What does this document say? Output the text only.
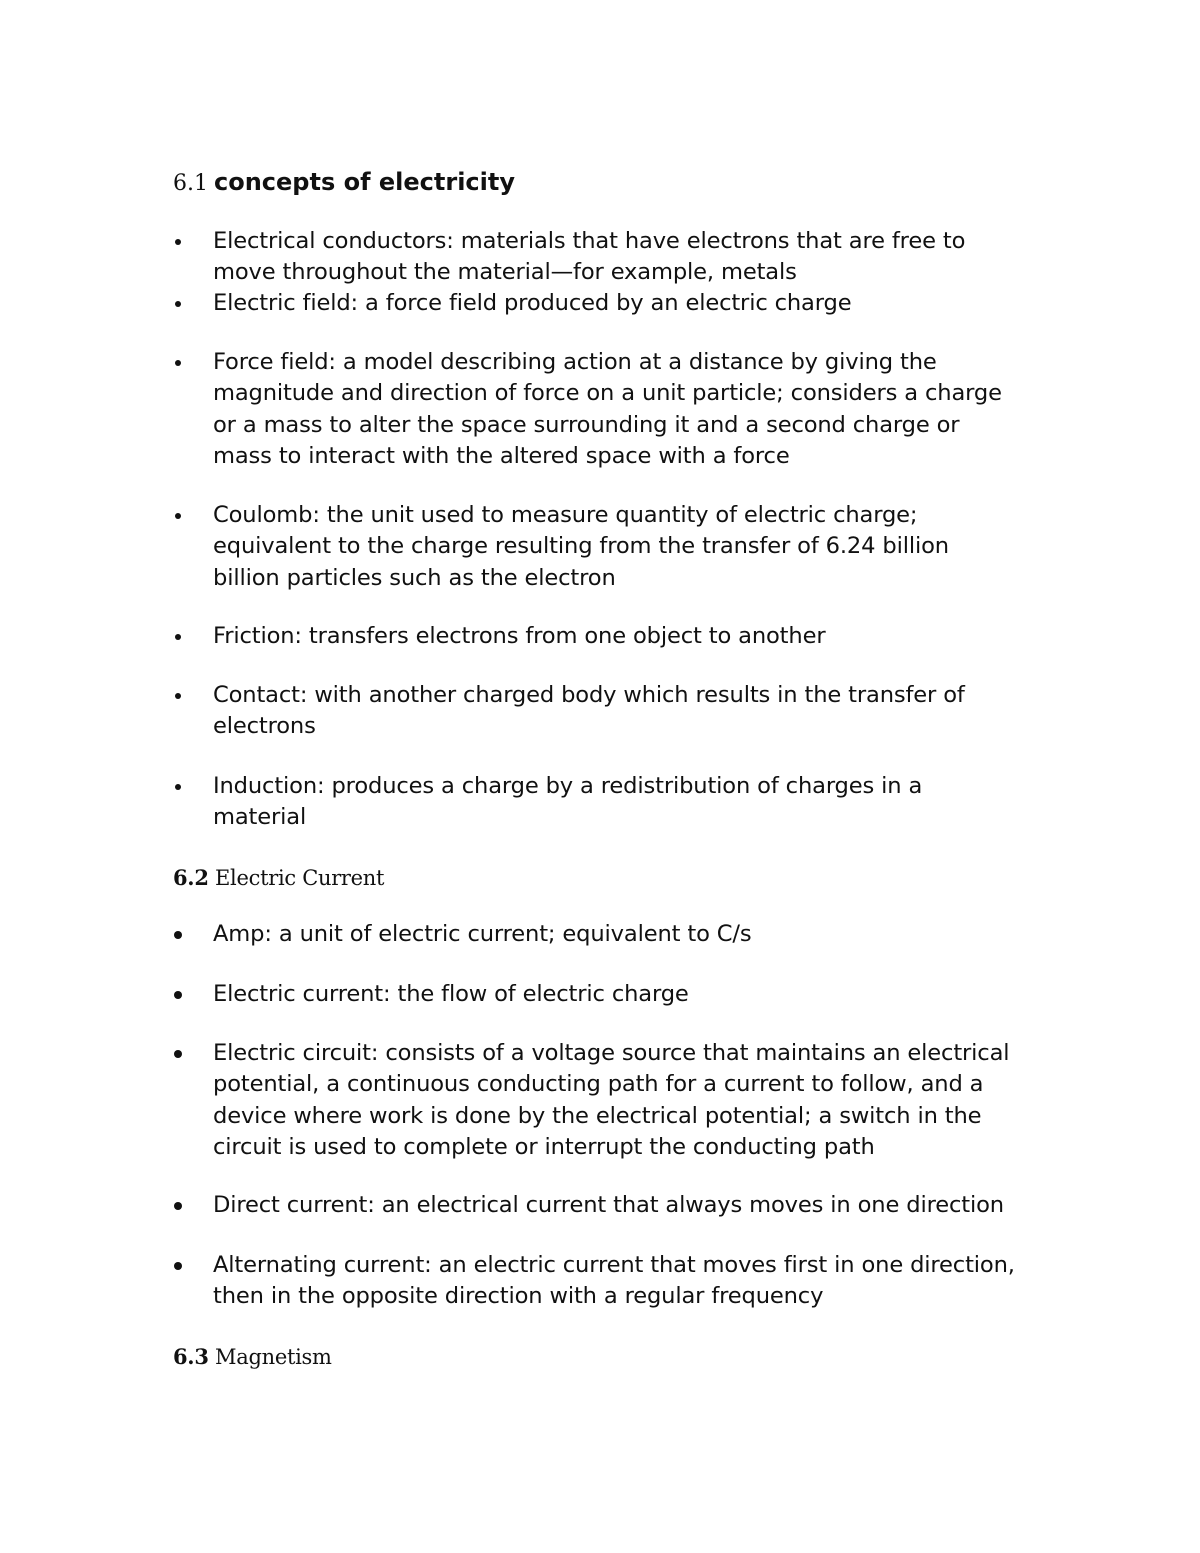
6.1 concepts of electricity
Electrical conductors: materials that have electrons that are free to
move throughout the material—for example, metals
Electric field: a force field produced by an electric charge
Force field: a model describing action at a distance by giving the
magnitude and direction of force on a unit particle; considers a charge
or a mass to alter the space surrounding it and a second charge or
mass to interact with the altered space with a force
Coulomb: the unit used to measure quantity of electric charge;
equivalent to the charge resulting from the transfer of 6.24 billion
billion particles such as the electron
Friction: transfers electrons from one object to another
Contact: with another charged body which results in the transfer of
electrons
Induction: produces a charge by a redistribution of charges in a
material
6.2 Electric Current
Amp: a unit of electric current; equivalent to C/s
Electric current: the flow of electric charge
Electric circuit: consists of a voltage source that maintains an electrical
potential, a continuous conducting path for a current to follow, and a
device where work is done by the electrical potential; a switch in the
circuit is used to complete or interrupt the conducting path
Direct current: an electrical current that always moves in one direction
Alternating current: an electric current that moves first in one direction,
then in the opposite direction with a regular frequency
6.3 Magnetism
